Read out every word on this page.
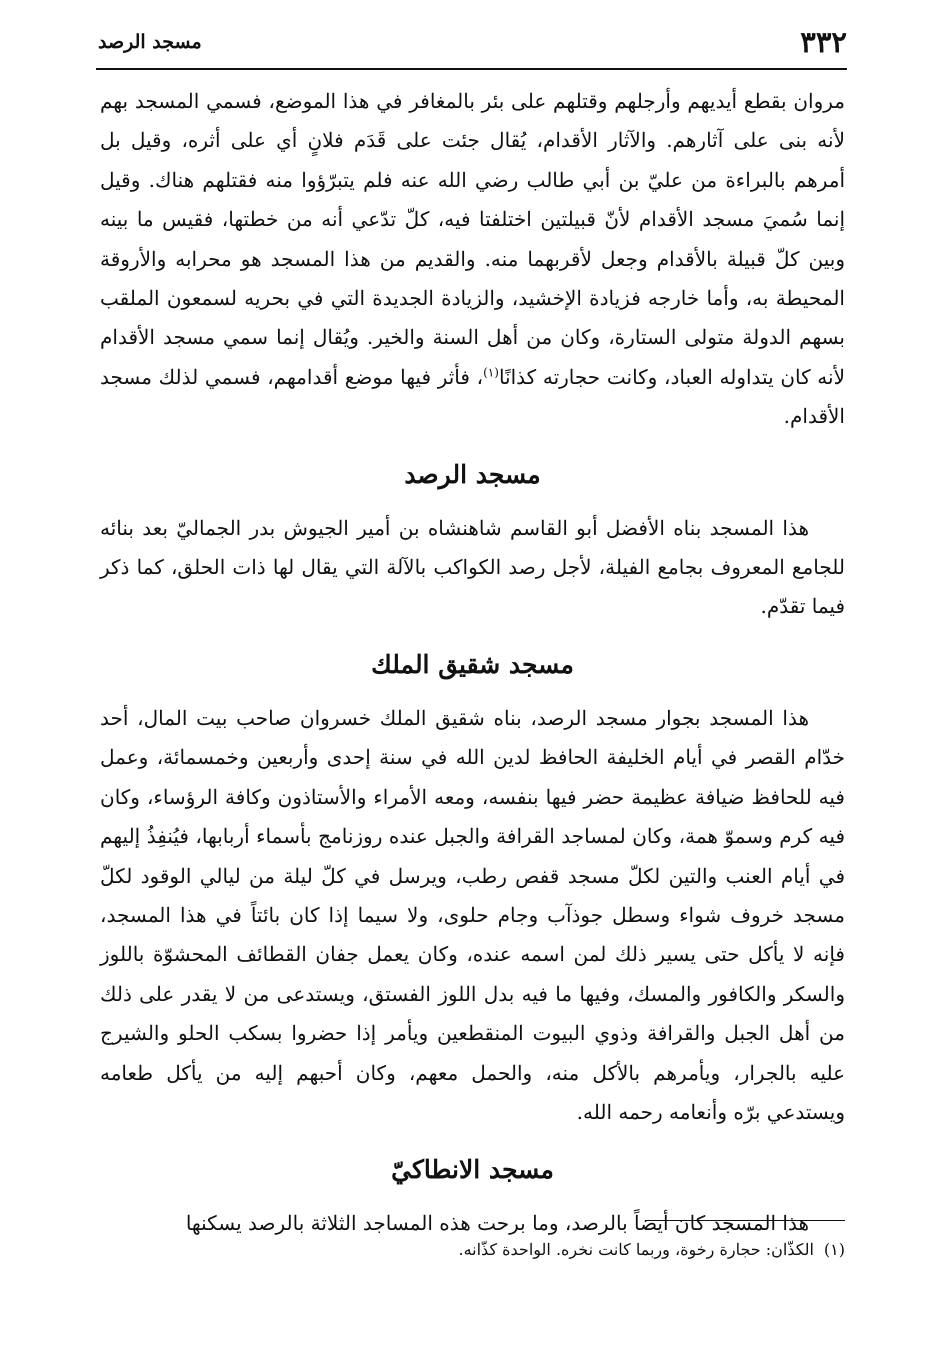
٣٣٢
مسجد الرصد

مروان بقطع أيديهم وأرجلهم وقتلهم على بئر بالمغافر في هذا الموضع، فسمي المسجد بهم لأنه بنى على آثارهم. والآثار الأقدام، يُقال جئت على قَدَم فلانٍ أي على أثره، وقيل بل أمرهم بالبراءة من عليّ بن أبي طالب رضي الله عنه فلم يتبرّؤوا منه فقتلهم هناك. وقيل إنما سُميَ مسجد الأقدام لأنّ قبيلتين اختلفتا فيه، كلّ تدّعي أنه من خطتها، فقيس ما بينه وبين كلّ قبيلة بالأقدام وجعل لأقربهما منه. والقديم من هذا المسجد هو محرابه والأروقة المحيطة به، وأما خارجه فزيادة الإخشيد، والزيادة الجديدة التي في بحريه لسمعون الملقب بسهم الدولة متولى الستارة، وكان من أهل السنة والخير. ويُقال إنما سمي مسجد الأقدام لأنه كان يتداوله العباد، وكانت حجارته كذانًا$^{(١)}$، فأثر فيها موضع أقدامهم، فسمي لذلك مسجد الأقدام.

مسجد الرصد

هذا المسجد بناه الأفضل أبو القاسم شاهنشاه بن أمير الجيوش بدر الجماليّ بعد بنائه للجامع المعروف بجامع الفيلة، لأجل رصد الكواكب بالآلة التي يقال لها ذات الحلق، كما ذكر فيما تقدّم.

مسجد شقيق الملك

هذا المسجد بجوار مسجد الرصد، بناه شقيق الملك خسروان صاحب بيت المال، أحد خدّام القصر في أيام الخليفة الحافظ لدين الله في سنة إحدى وأربعين وخمسمائة، وعمل فيه للحافظ ضيافة عظيمة حضر فيها بنفسه، ومعه الأمراء والأستاذون وكافة الرؤساء، وكان فيه كرم وسموّ همة، وكان لمساجد القرافة والجبل عنده روزنامج بأسماء أربابها، فيُنفِذُ إليهم في أيام العنب والتين لكلّ مسجد قفص رطب، ويرسل في كلّ ليلة من ليالي الوقود لكلّ مسجد خروف شواء وسطل جوذآب وجام حلوى، ولا سيما إذا كان بائتاً في هذا المسجد، فإنه لا يأكل حتى يسير ذلك لمن اسمه عنده، وكان يعمل جفان القطائف المحشوّة باللوز والسكر والكافور والمسك، وفيها ما فيه بدل اللوز الفستق، ويستدعى من لا يقدر على ذلك من أهل الجبل والقرافة وذوي البيوت المنقطعين ويأمر إذا حضروا بسكب الحلو والشيرج عليه بالجرار، ويأمرهم بالأكل منه، والحمل معهم، وكان أحبهم إليه من يأكل طعامه ويستدعي برّه وأنعامه رحمه الله.

مسجد الانطاكيّ

هذا المسجد كان أيضاً بالرصد، وما برحت هذه المساجد الثلاثة بالرصد يسكنها

(١)الكذّان: حجارة رخوة، وربما كانت نخره. الواحدة كذّانه.
